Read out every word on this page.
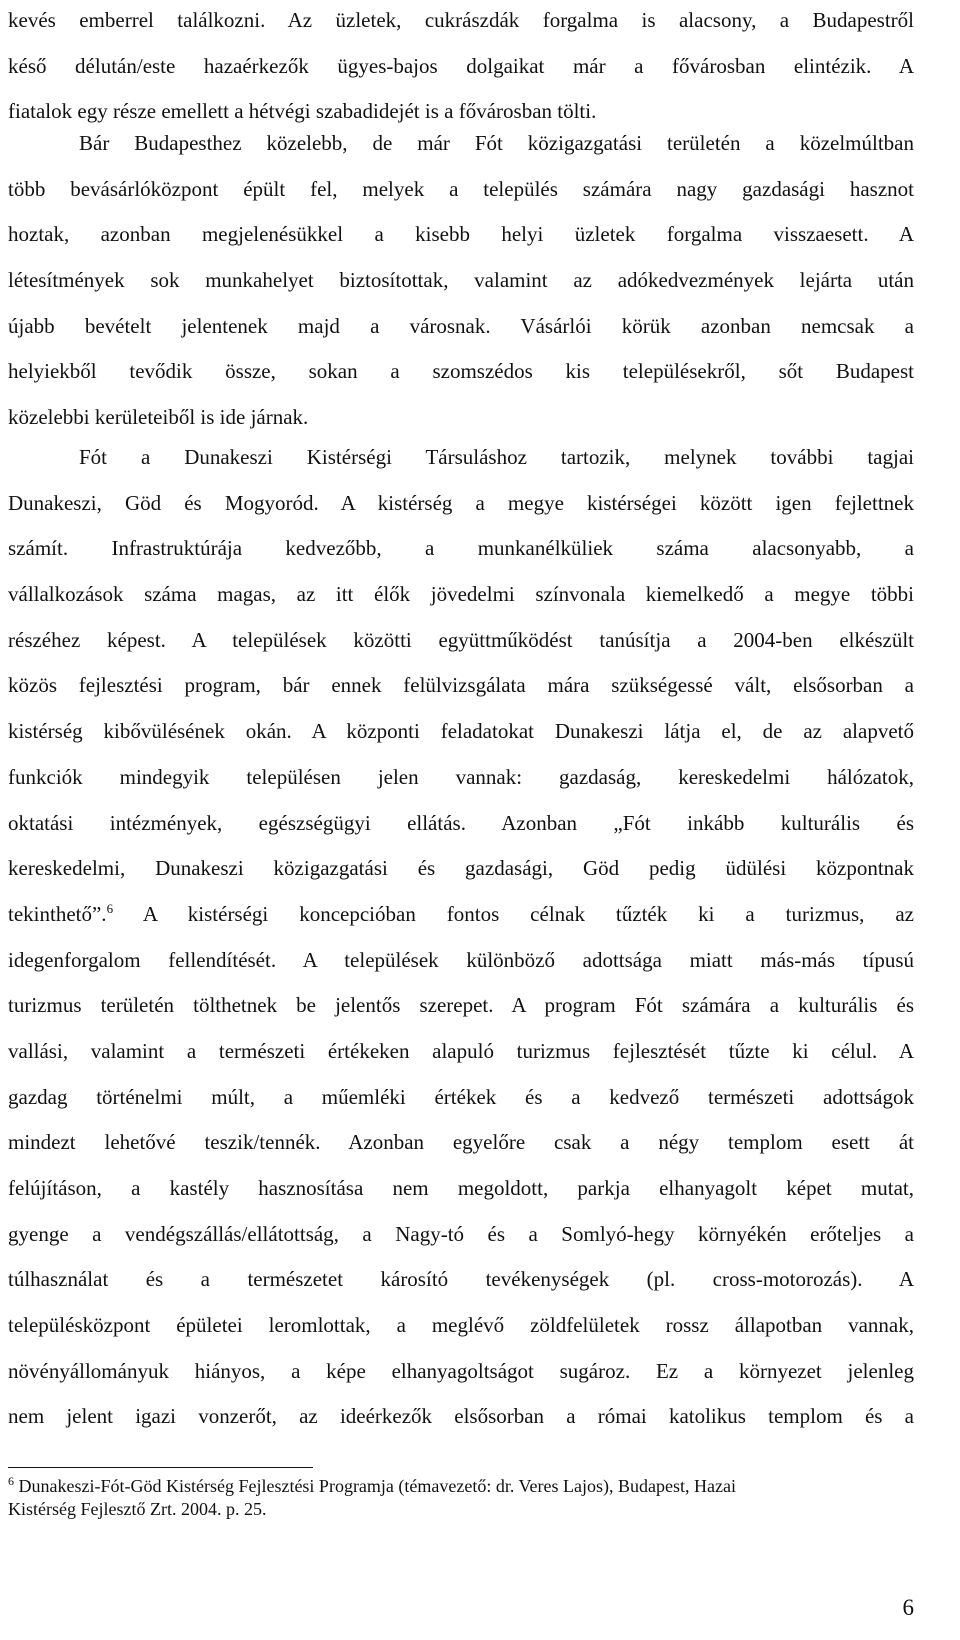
kevés emberrel találkozni. Az üzletek, cukrászdák forgalma is alacsony, a Budapestről
késő délután/este hazaérkezők ügyes-bajos dolgaikat már a fővárosban elintézik. A
fiatalok egy része emellett a hétvégi szabadidejét is a fővárosban tölti.
Bár Budapesthez közelebb, de már Fót közigazgatási területén a közelmúltban
több bevásárlóközpont épült fel, melyek a település számára nagy gazdasági hasznot
hoztak, azonban megjelenésükkel a kisebb helyi üzletek forgalma visszaesett. A
létesítmények sok munkahelyet biztosítottak, valamint az adókedvezmények lejárta után
újabb bevételt jelentenek majd a városnak. Vásárlói körük azonban nemcsak a
helyiekből tevődik össze, sokan a szomszédos kis településekről, sőt Budapest
közelebbi kerületeiből is ide járnak.
Fót a Dunakeszi Kistérségi Társuláshoz tartozik, melynek további tagjai
Dunakeszi, Göd és Mogyoród. A kistérség a megye kistérségei között igen fejlettnek
számít. Infrastruktúrája kedvezőbb, a munkanélküliek száma alacsonyabb, a
vállalkozások száma magas, az itt élők jövedelmi színvonala kiemelkedő a megye többi
részéhez képest. A települések közötti együttműködést tanúsítja a 2004-ben elkészült
közös fejlesztési program, bár ennek felülvizsgálata mára szükségessé vált, elsősorban a
kistérség kibővülésének okán. A központi feladatokat Dunakeszi látja el, de az alapvető
funkciók mindegyik településen jelen vannak: gazdaság, kereskedelmi hálózatok,
oktatási intézmények, egészségügyi ellátás. Azonban „Fót inkább kulturális és
kereskedelmi, Dunakeszi közigazgatási és gazdasági, Göd pedig üdülési központnak
tekinthető”.$^6$ A kistérségi koncepcióban fontos célnak tűzték ki a turizmus, az
idegenforgalom fellendítését. A települések különböző adottsága miatt más-más típusú
turizmus területén tölthetnek be jelentős szerepet. A program Fót számára a kulturális és
vallási, valamint a természeti értékeken alapuló turizmus fejlesztését tűzte ki célul. A
gazdag történelmi múlt, a műemléki értékek és a kedvező természeti adottságok
mindezt lehetővé teszik/tennék. Azonban egyelőre csak a négy templom esett át
felújításon, a kastély hasznosítása nem megoldott, parkja elhanyagolt képet mutat,
gyenge a vendégszállás/ellátottság, a Nagy-tó és a Somlyó-hegy környékén erőteljes a
túlhasználat és a természetet károsító tevékenységek (pl. cross-motorozás). A
településközpont épületei leromlottak, a meglévő zöldfelületek rossz állapotban vannak,
növényállományuk hiányos, a képe elhanyagoltságot sugároz. Ez a környezet jelenleg
nem jelent igazi vonzerőt, az ideérkezők elsősorban a római katolikus templom és a
$^6$ Dunakeszi-Fót-Göd Kistérség Fejlesztési Programja (témavezető: dr. Veres Lajos), Budapest, Hazai
Kistérség Fejlesztő Zrt. 2004. p. 25.
6
